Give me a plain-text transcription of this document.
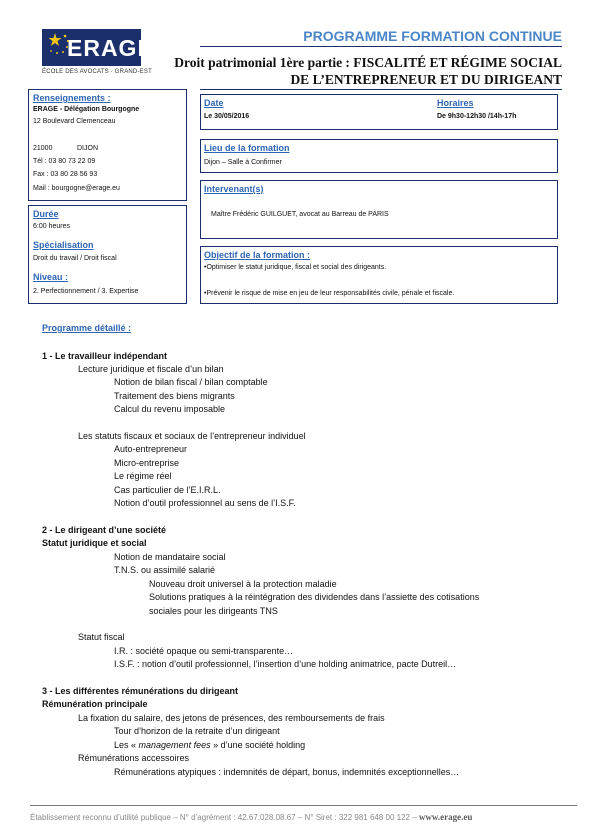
ERAGE
ÉCOLE DES AVOCATS · GRAND-EST
PROGRAMME FORMATION CONTINUE
Droit patrimonial 1ère partie : FISCALITÉ ET RÉGIME SOCIAL
DE L’ENTREPRENEUR ET DU DIRIGEANT
Renseignements :
ERAGE - Délégation Bourgogne
12 Boulevard Clemenceau
21000	DIJON
Tél : 03 80 73 22 09
Fax : 03 80 28 56 93
Mail : bourgogne@erage.eu
Durée
6:00 heures
Spécialisation
Droit du travail / Droit fiscal
Niveau :
2. Perfectionnement / 3. Expertise
Date
Le 30/05/2016
Horaires
De 9h30-12h30 /14h-17h
Lieu de la formation
Dijon – Salle à Confirmer
Intervenant(s)
Maître Frédéric GUILGUET, avocat au Barreau de PARIS
Objectif de la formation :
•Optimiser le statut juridique, fiscal et social des dirigeants.
•Prévenir le risque de mise en jeu de leur responsabilités civile, pénale et fiscale.
Programme détaillé :
1 - Le travailleur indépendant
Lecture juridique et fiscale d’un bilan
Notion de bilan fiscal / bilan comptable
Traitement des biens migrants
Calcul du revenu imposable
Les statuts fiscaux et sociaux de l’entrepreneur individuel
Auto-entrepreneur
Micro-entreprise
Le régime réel
Cas particulier de l’E.I.R.L.
Notion d’outil professionnel au sens de l’I.S.F.
2 - Le dirigeant d’une société
Statut juridique et social
Notion de mandataire social
T.N.S. ou assimilé salarié
Nouveau droit universel à la protection maladie
Solutions pratiques à la réintégration des dividendes dans l’assiette des cotisations
sociales pour les dirigeants TNS
Statut fiscal
I.R. : société opaque ou semi-transparente…
I.S.F. : notion d’outil professionnel, l’insertion d’une holding animatrice, pacte Dutreil…
3 - Les différentes rémunérations du dirigeant
Rémunération principale
La fixation du salaire, des jetons de présences, des remboursements de frais
Tour d’horizon de la retraite d’un dirigeant
Les « management fees » d’une société holding
Rémunérations accessoires
Rémunérations atypiques : indemnités de départ, bonus, indemnités exceptionnelles…
Établissement reconnu d’utilité publique – N° d’agrément : 42.67.028.08.67 – N° Siret : 322 981 648 00 122 – www.erage.eu
